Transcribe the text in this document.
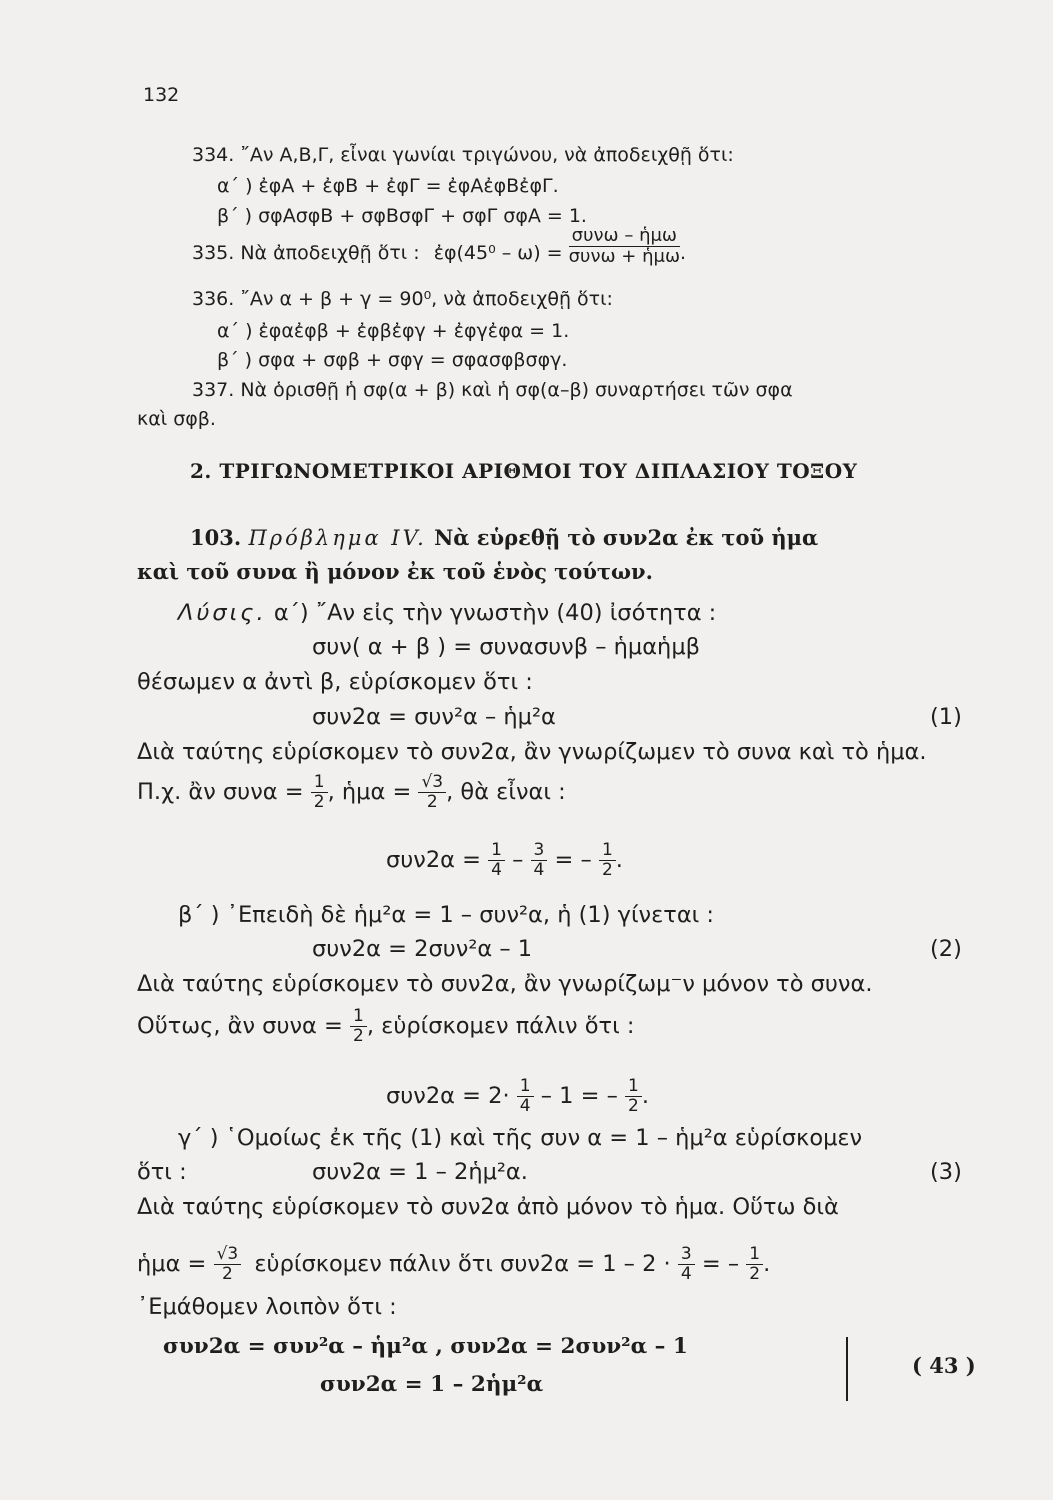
132
334. ῎Αν Α,Β,Γ, εἶναι γωνίαι τριγώνου, νὰ ἀποδειχθῇ ὅτι:
α΄ ) ἐφΑ + ἐφΒ + ἐφΓ = ἐφΑἐφΒἐφΓ.
β΄ ) σφΑσφΒ + σφΒσφΓ + σφΓ σφΑ = 1.
335. Νὰ ἀποδειχθῇ ὅτι : ἐφ(45⁰ – ω) =
συνω – ἡμω
συνω + ἡμω .
336. ῎Αν α + β + γ = 90⁰, νὰ ἀποδειχθῇ ὅτι:
α΄ ) ἐφαἐφβ + ἐφβἐφγ + ἐφγἐφα = 1.
β΄ ) σφα + σφβ + σφγ = σφασφβσφγ.
337. Νὰ ὁρισθῇ ἡ σφ(α + β) καὶ ἡ σφ(α–β) συναρτήσει τῶν σφα
καὶ σφβ.
2. ΤΡΙΓΩΝΟΜΕΤΡΙΚΟΙ ΑΡΙΘΜΟΙ ΤΟΥ ΔΙΠΛΑΣΙΟΥ ΤΟΞΟΥ
103. Πρόβλημα IV. Νὰ εὑρεθῇ τὸ συν2α ἐκ τοῦ ἡμα
καὶ τοῦ συνα ἢ μόνον ἐκ τοῦ ἑνὸς τούτων.
Λύσις. α΄) ῎Αν εἰς τὴν γνωστὴν (40) ἰσότητα :
συν( α + β ) = συνασυνβ – ἡμαἡμβ
θέσωμεν α ἀντὶ β, εὑρίσκομεν ὅτι :
συν2α = συν²α – ἡμ²α	(1)
Διὰ ταύτης εὑρίσκομεν τὸ συν2α, ἂν γνωρίζωμεν τὸ συνα καὶ τὸ ἡμα.
Π.χ. ἂν $\sigma\upsilon\nu\alpha = \frac{1}{2}$ , ἡμα = $\frac{√3}{2}$ , θὰ εἶναι :
$\sigma\upsilon\nu 2\alpha = \frac{1}{4} - \frac{3}{4}$ = – $\frac{1}{2}$ .
β΄ ) ᾿Επειδὴ δὲ ἡμ²α = 1 – συν²α, ἡ (1) γίνεται :
συν2α = 2συν²α – 1	(2)
Διὰ ταύτης εὑρίσκομεν τὸ συν2α, ἂν γνωρίζωμ⁻ν μόνον τὸ συνα.
Οὕτως, ἂν $\sigma\upsilon\nu\alpha = \frac{1}{2}$ , εὑρίσκομεν πάλιν ὅτι :
$\sigma\upsilon\nu 2\alpha = 2\cdot \frac{1}{4} - 1$ = – $\frac{1}{2}$ .
γ΄ ) ῾Ομοίως ἐκ τῆς (1) καὶ τῆς συν α = 1 – ἡμ²α εὑρίσκομεν
ὅτι :	συν2α = 1 – 2ἡμ²α.	(3)
Διὰ ταύτης εὑρίσκομεν τὸ συν2α ἀπὸ μόνον τὸ ἡμα. Οὕτω διὰ
ἡμα = $\frac{√3}{2}$ εὑρίσκομεν πάλιν ὅτι $\sigma\upsilon\nu 2\alpha = 1 - 2 \cdot \frac{3}{4}$ = – $\frac{1}{2}$ .
᾿Εμάθομεν λοιπὸν ὅτι :
συν2α = συν²α – ἡμ²α , συν2α = 2συν²α – 1
συν2α = 1 – 2ἡμ²α
( 43 )
